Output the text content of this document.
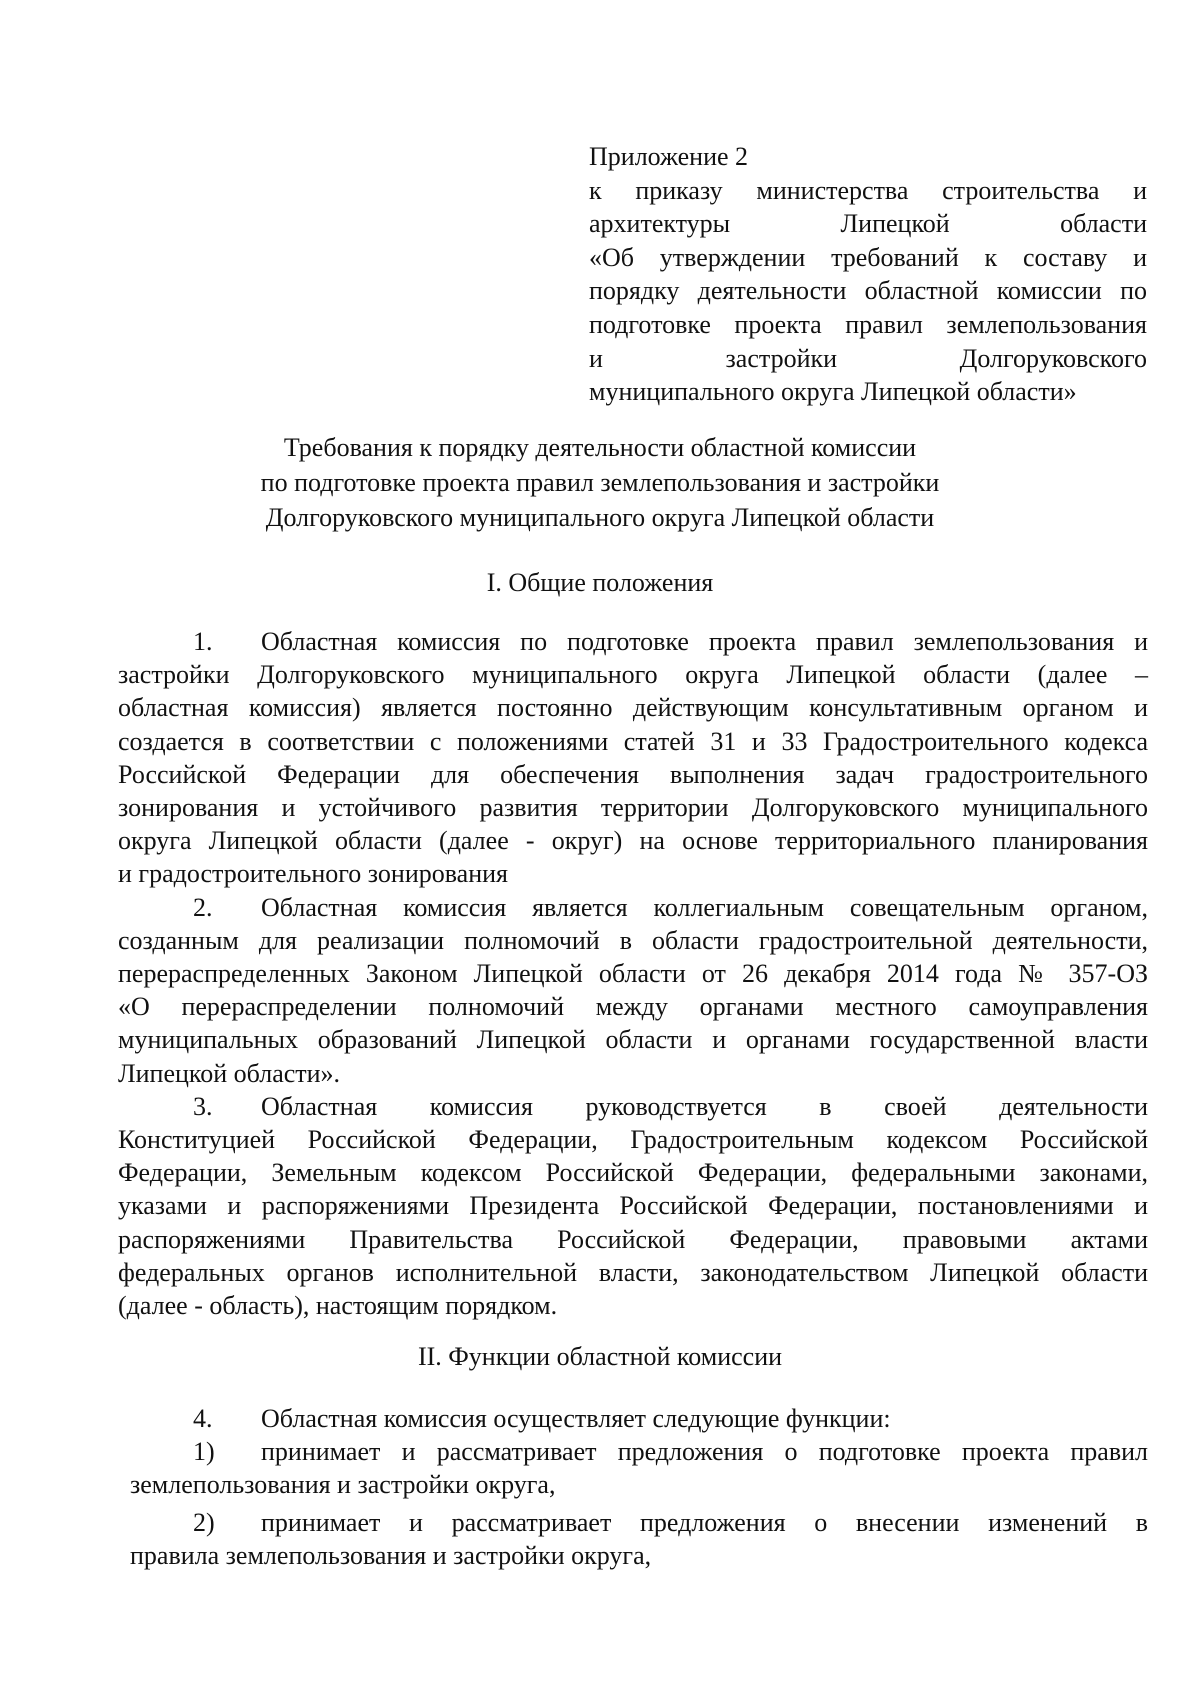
Приложение 2
к приказу министерства строительства и
архитектуры Липецкой области
«Об утверждении требований к составу и
порядку деятельности областной комиссии по
подготовке проекта правил землепользования
и застройки Долгоруковского
муниципального округа Липецкой области»
Требования к порядку деятельности областной комиссии
по подготовке проекта правил землепользования и застройки
Долгоруковского муниципального округа Липецкой области
I. Общие положения
1. Областная комиссия по подготовке проекта правил землепользования и
застройки Долгоруковского муниципального округа Липецкой области (далее –
областная комиссия) является постоянно действующим консультативным органом и
создается в соответствии с положениями статей 31 и 33 Градостроительного кодекса
Российской Федерации для обеспечения выполнения задач градостроительного
зонирования и устойчивого развития территории Долгоруковского муниципального
округа Липецкой области (далее - округ) на основе территориального планирования
и градостроительного зонирования
2. Областная комиссия является коллегиальным совещательным органом,
созданным для реализации полномочий в области градостроительной деятельности,
перераспределенных Законом Липецкой области от 26 декабря 2014 года № 357-ОЗ
«О перераспределении полномочий между органами местного самоуправления
муниципальных образований Липецкой области и органами государственной власти
Липецкой области».
3. Областная комиссия руководствуется в своей деятельности
Конституцией Российской Федерации, Градостроительным кодексом Российской
Федерации, Земельным кодексом Российской Федерации, федеральными законами,
указами и распоряжениями Президента Российской Федерации, постановлениями и
распоряжениями Правительства Российской Федерации, правовыми актами
федеральных органов исполнительной власти, законодательством Липецкой области
(далее - область), настоящим порядком.
II. Функции областной комиссии
4. Областная комиссия осуществляет следующие функции:
1) принимает и рассматривает предложения о подготовке проекта правил
землепользования и застройки округа,
2) принимает и рассматривает предложения о внесении изменений в
правила землепользования и застройки округа,
